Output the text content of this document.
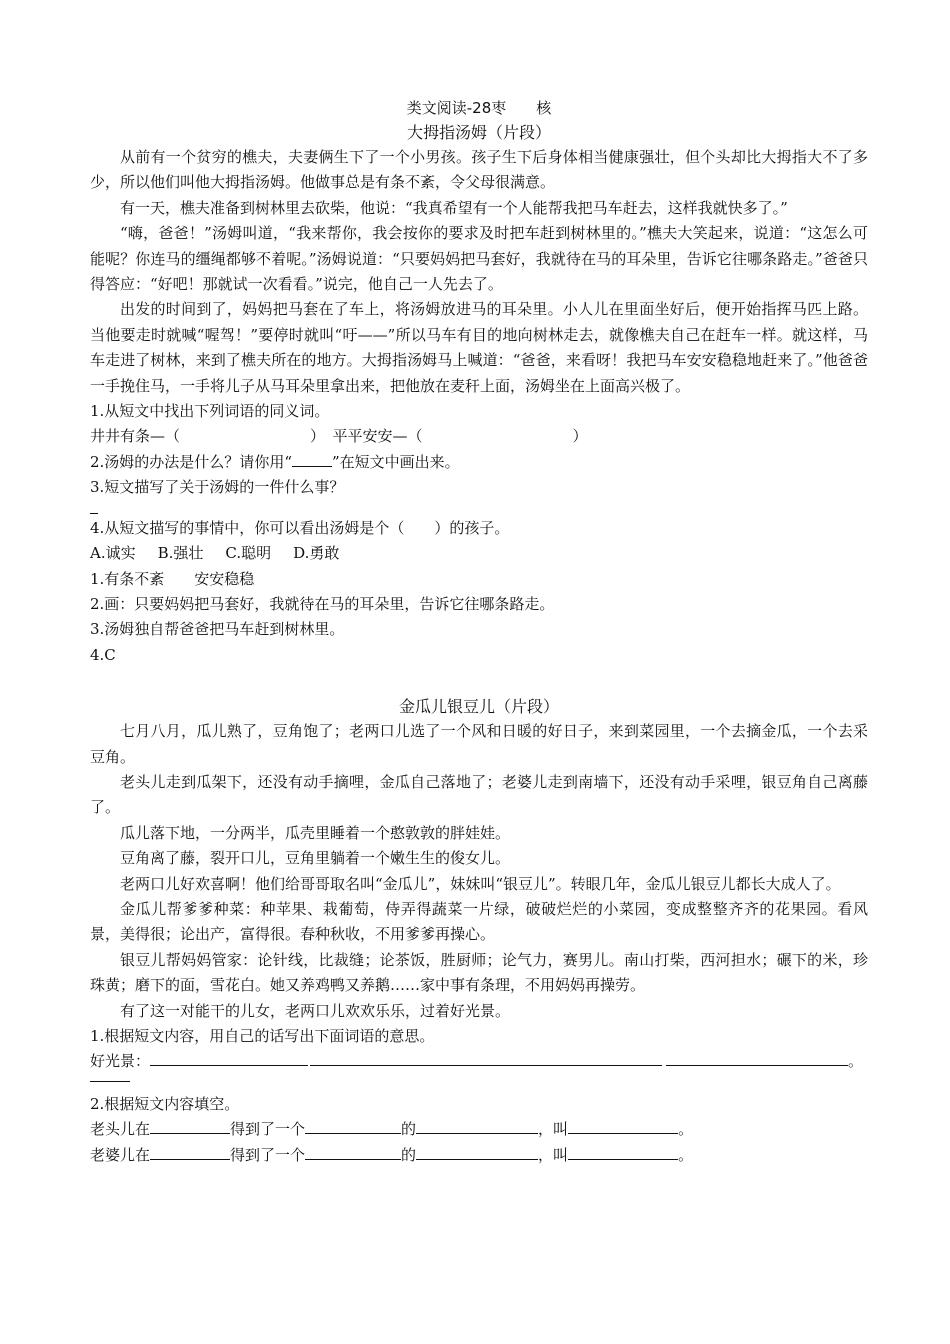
类文阅读-28枣　　核
大拇指汤姆（片段）

从前有一个贫穷的樵夫，夫妻俩生下了一个小男孩。孩子生下后身体相当健康强壮，但个头却比大拇指大不了多少，所以他们叫他大拇指汤姆。他做事总是有条不紊，令父母很满意。

有一天，樵夫准备到树林里去砍柴，他说：“我真希望有一个人能帮我把马车赶去，这样我就快多了。”

“嗨，爸爸！”汤姆叫道，“我来帮你，我会按你的要求及时把车赶到树林里的。”樵夫大笑起来，说道：“这怎么可能呢？你连马的缰绳都够不着呢。”汤姆说道：“只要妈妈把马套好，我就待在马的耳朵里，告诉它往哪条路走。”爸爸只得答应：“好吧！那就试一次看看。”说完，他自己一人先去了。

出发的时间到了，妈妈把马套在了车上，将汤姆放进马的耳朵里。小人儿在里面坐好后，便开始指挥马匹上路。当他要走时就喊“喔驾！”要停时就叫“吁——”所以马车有目的地向树林走去，就像樵夫自己在赶车一样。就这样，马车走进了树林，来到了樵夫所在的地方。大拇指汤姆马上喊道：“爸爸，来看呀！我把马车安安稳稳地赶来了。”他爸爸一手挽住马，一手将儿子从马耳朵里拿出来，把他放在麦秆上面，汤姆坐在上面高兴极了。

1.从短文中找出下列词语的同义词。
井井有条—（	）　平平安安—（	）
2.汤姆的办法是什么？请你用“	”在短文中画出来。
3.短文描写了关于汤姆的一件什么事？
4.从短文描写的事情中，你可以看出汤姆是个（　　）的孩子。
A.诚实 B.强壮 C.聪明 D.勇敢
1.有条不紊　　安安稳稳
2.画：只要妈妈把马套好，我就待在马的耳朵里，告诉它往哪条路走。
3.汤姆独自帮爸爸把马车赶到树林里。
4.C
金瓜儿银豆儿（片段）

七月八月，瓜儿熟了，豆角饱了；老两口儿选了一个风和日暖的好日子，来到菜园里，一个去摘金瓜，一个去采豆角。

老头儿走到瓜架下，还没有动手摘哩，金瓜自己落地了；老婆儿走到南墙下，还没有动手采哩，银豆角自己离藤了。

瓜儿落下地，一分两半，瓜壳里睡着一个憨敦敦的胖娃娃。

豆角离了藤，裂开口儿，豆角里躺着一个嫩生生的俊女儿。

老两口儿好欢喜啊！他们给哥哥取名叫“金瓜儿”，妹妹叫“银豆儿”。转眼几年，金瓜儿银豆儿都长大成人了。

金瓜儿帮爹爹种菜：种苹果、栽葡萄，侍弄得蔬菜一片绿，破破烂烂的小菜园，变成整整齐齐的花果园。看风景，美得很；论出产，富得很。春种秋收，不用爹爹再操心。

银豆儿帮妈妈管家：论针线，比裁缝；论茶饭，胜厨师；论气力，赛男儿。南山打柴，西河担水；碾下的米，珍珠黄；磨下的面，雪花白。她又养鸡鸭又养鹅……家中事有条理，不用妈妈再操劳。

有了这一对能干的儿女，老两口儿欢欢乐乐，过着好光景。

1.根据短文内容，用自己的话写出下面词语的意思。
好光景：	。
2.根据短文内容填空。
老头儿在	得到了一个	的	，叫	。
老婆儿在	得到了一个	的	，叫	。
